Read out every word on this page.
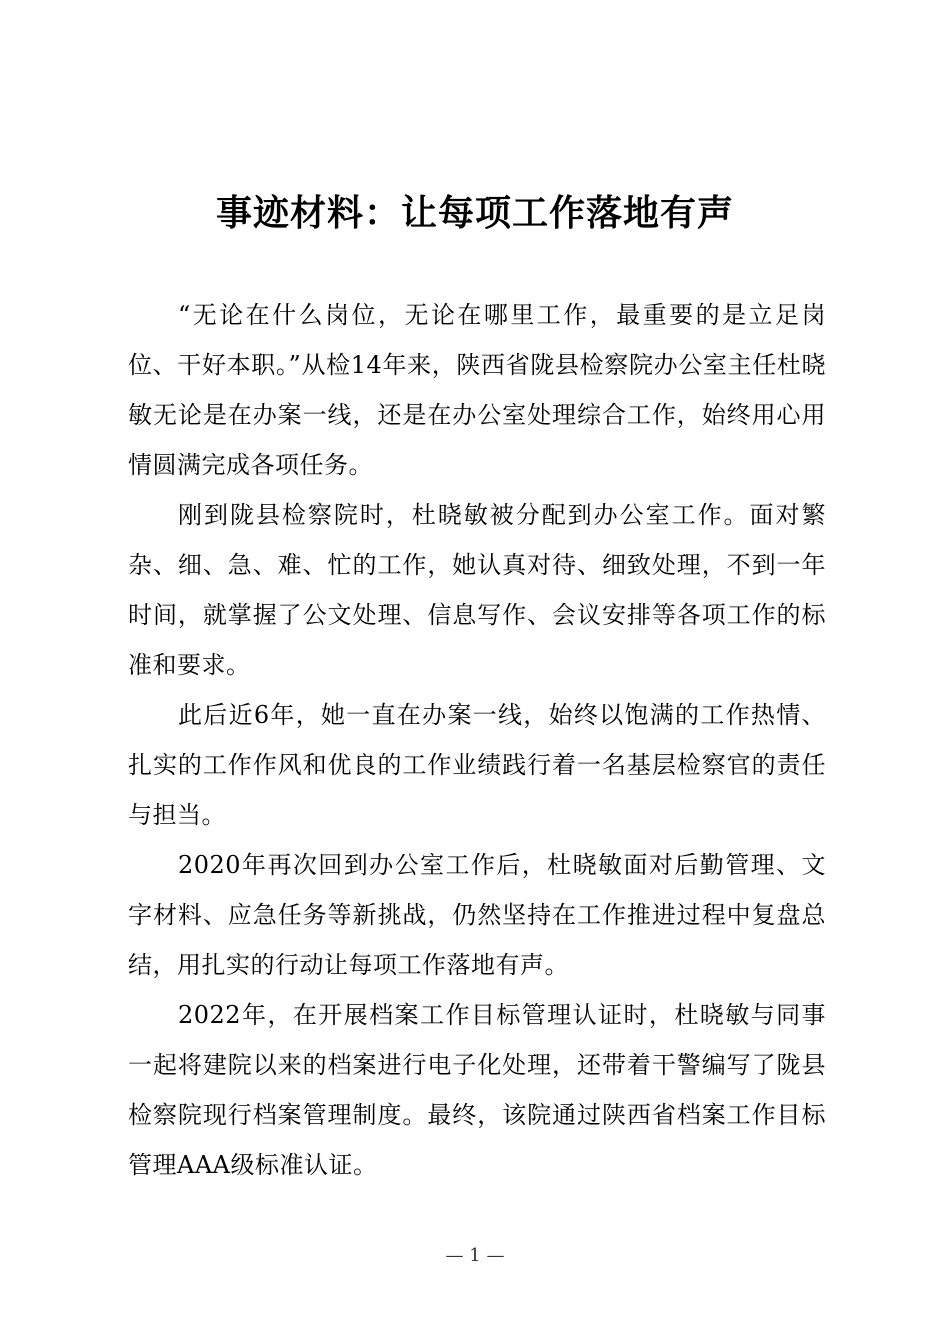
事迹材料：让每项工作落地有声

“无论在什么岗位，无论在哪里工作，最重要的是立足岗位、干好本职。”从检14年来，陕西省陇县检察院办公室主任杜晓敏无论是在办案一线，还是在办公室处理综合工作，始终用心用情圆满完成各项任务。

刚到陇县检察院时，杜晓敏被分配到办公室工作。面对繁杂、细、急、难、忙的工作，她认真对待、细致处理，不到一年时间，就掌握了公文处理、信息写作、会议安排等各项工作的标准和要求。

此后近6年，她一直在办案一线，始终以饱满的工作热情、扎实的工作作风和优良的工作业绩践行着一名基层检察官的责任与担当。

2020年再次回到办公室工作后，杜晓敏面对后勤管理、文字材料、应急任务等新挑战，仍然坚持在工作推进过程中复盘总结，用扎实的行动让每项工作落地有声。

2022年，在开展档案工作目标管理认证时，杜晓敏与同事一起将建院以来的档案进行电子化处理，还带着干警编写了陇县检察院现行档案管理制度。最终，该院通过陕西省档案工作目标管理AAA级标准认证。

— 1 —
